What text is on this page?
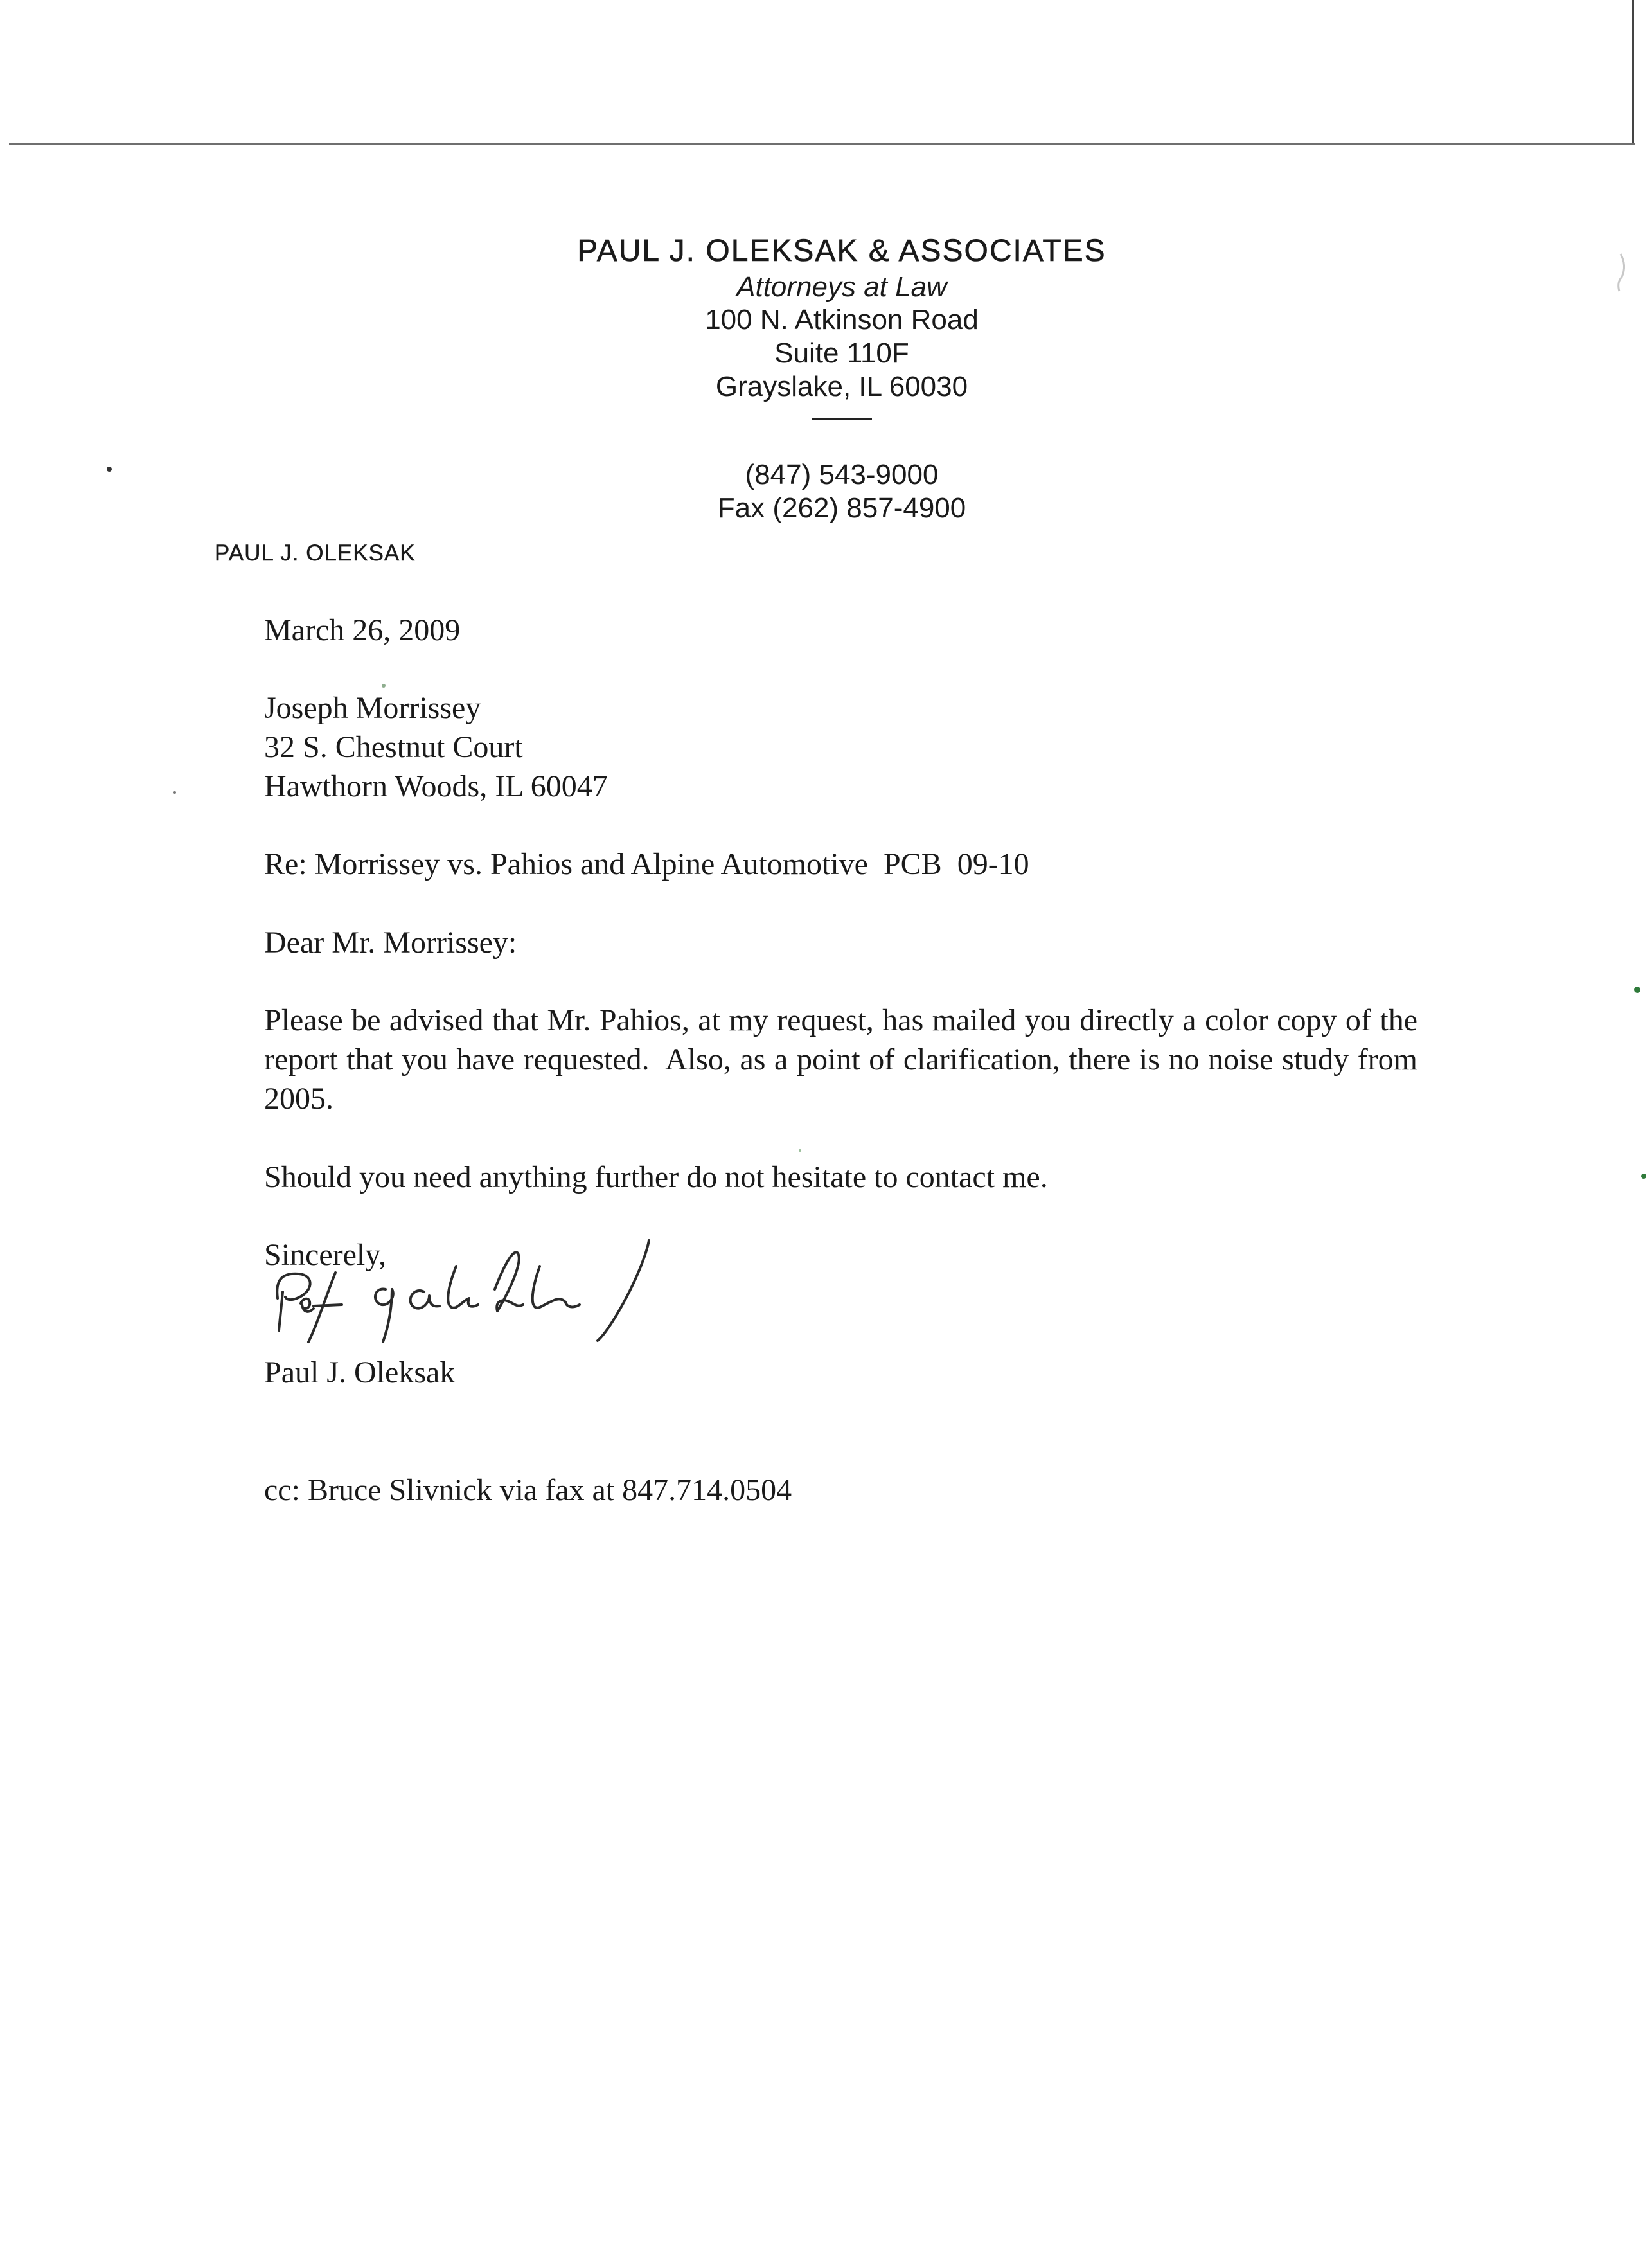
PAUL J. OLEKSAK & ASSOCIATES
Attorneys at Law
100 N. Atkinson Road
Suite 110F
Grayslake, IL 60030
(847) 543-9000
Fax (262) 857-4900
PAUL J. OLEKSAK
March 26, 2009
Joseph Morrissey
32 S. Chestnut Court
Hawthorn Woods, IL 60047
Re: Morrissey vs. Pahios and Alpine Automotive  PCB  09-10
Dear Mr. Morrissey:
Please be advised that Mr. Pahios, at my request, has mailed you directly a color copy of the report that you have requested.  Also, as a point of clarification, there is no noise study from 2005.
Should you need anything further do not hesitate to contact me.
Sincerely,
Paul J. Oleksak
cc: Bruce Slivnick via fax at 847.714.0504
